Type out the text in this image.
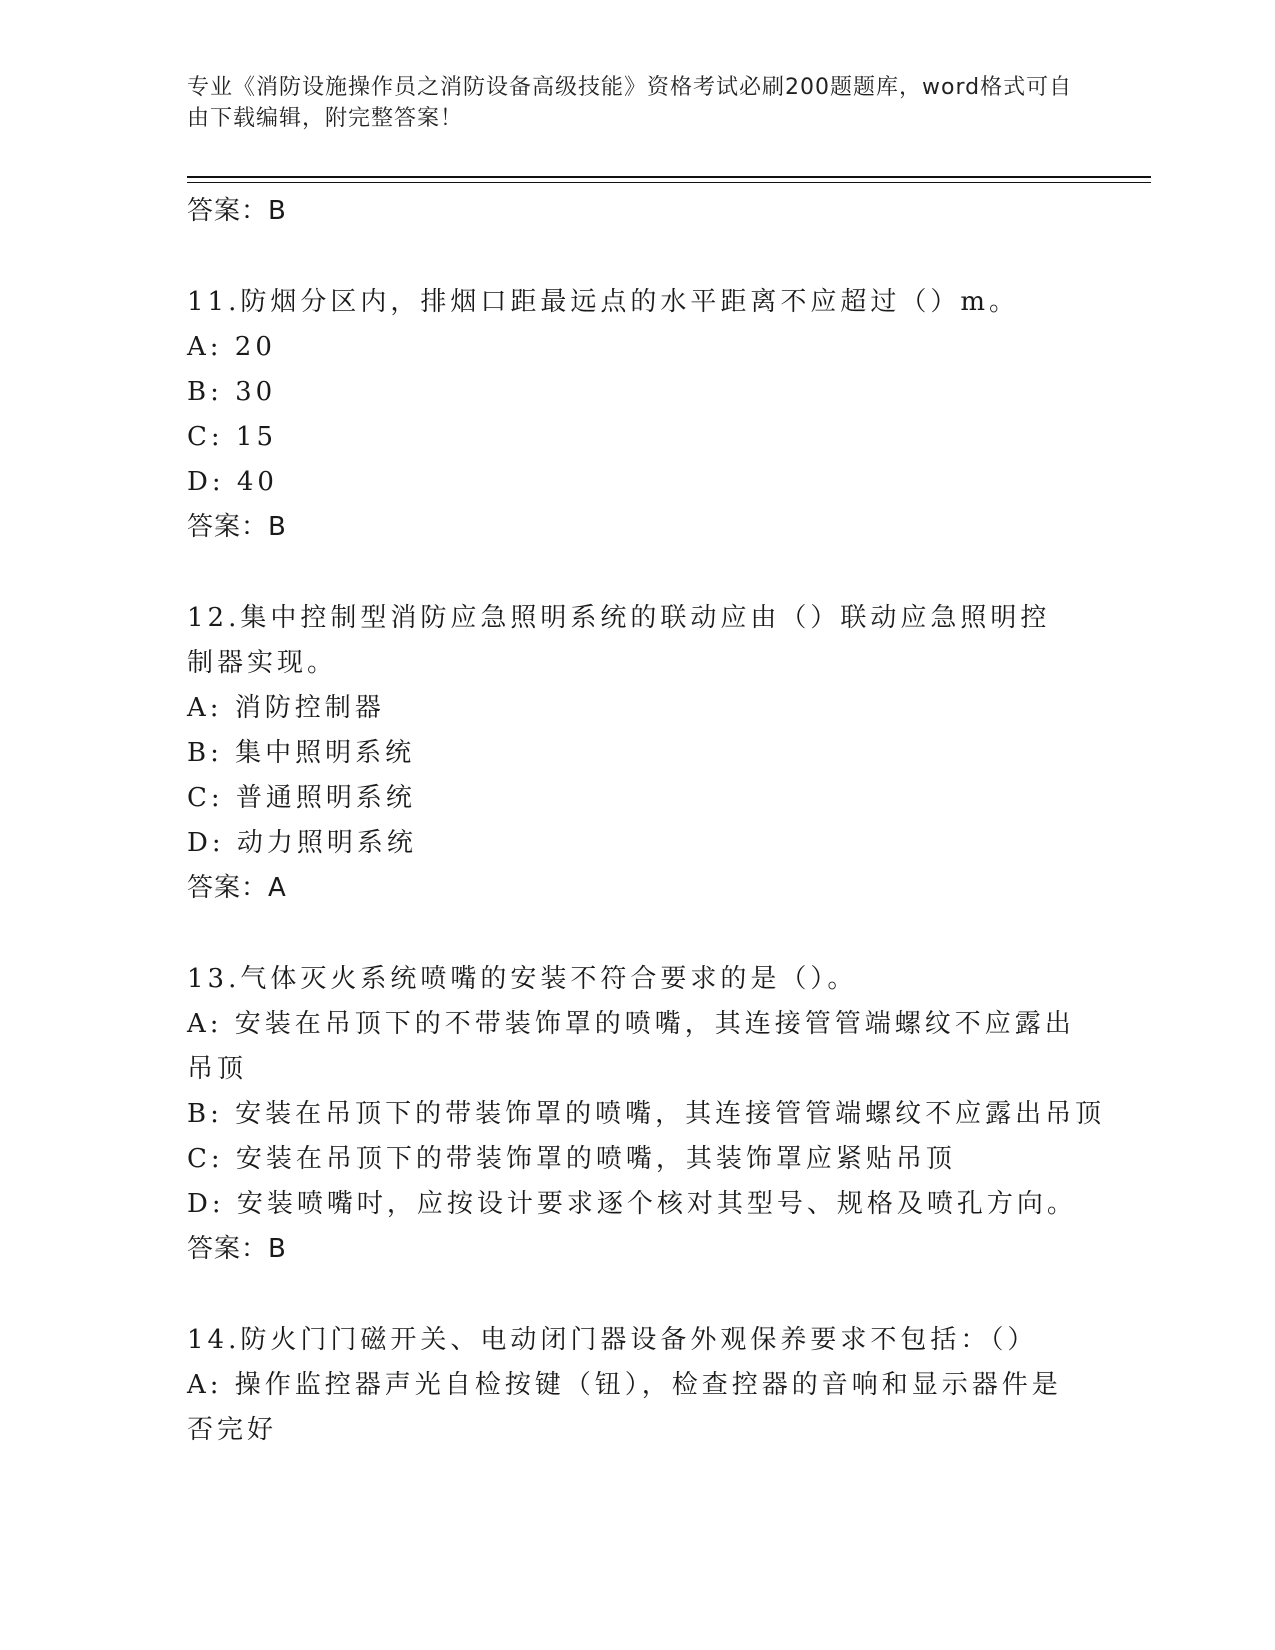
专业《消防设施操作员之消防设备高级技能》资格考试必刷200题题库，word格式可自由下载编辑，附完整答案！
答案：B
11.防烟分区内，排烟口距最远点的水平距离不应超过（）m。
A: 20
B: 30
C: 15
D: 40
答案：B
12.集中控制型消防应急照明系统的联动应由（）联动应急照明控制器实现。
A: 消防控制器
B: 集中照明系统
C: 普通照明系统
D: 动力照明系统
答案：A
13.气体灭火系统喷嘴的安装不符合要求的是（）。
A: 安装在吊顶下的不带装饰罩的喷嘴，其连接管管端螺纹不应露出吊顶
B: 安装在吊顶下的带装饰罩的喷嘴，其连接管管端螺纹不应露出吊顶
C: 安装在吊顶下的带装饰罩的喷嘴，其装饰罩应紧贴吊顶
D: 安装喷嘴吋，应按设计要求逐个核对其型号、规格及喷孔方向。
答案：B
14.防火门门磁开关、电动闭门器设备外观保养要求不包括：（）
A: 操作监控器声光自检按键（钮），检查控器的音响和显示器件是否完好
